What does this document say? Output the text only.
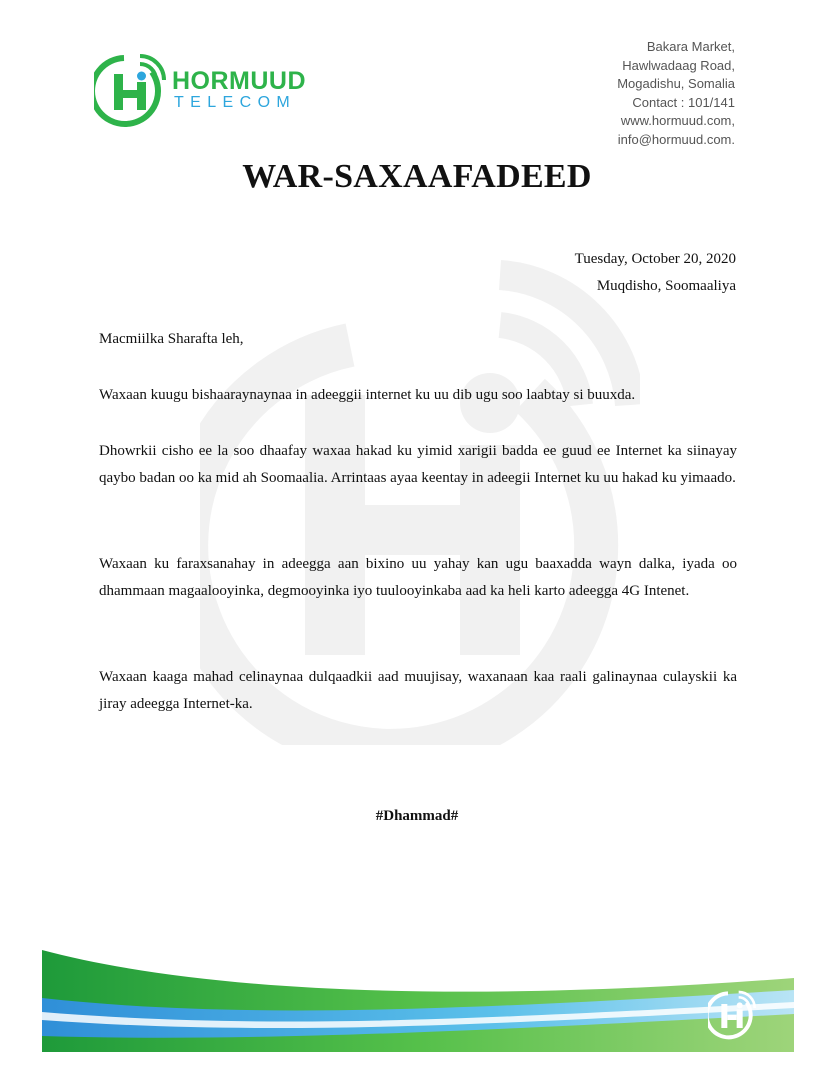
HORMUUD

TELECOM

Bakara Market,
Hawlwadaag Road,
Mogadishu, Somalia
Contact : 101/141
www.hormuud.com,
info@hormuud.com.
WAR-SAXAAFADEED
Tuesday, October 20, 2020
Muqdisho, Soomaaliya

Macmiilka Sharafta leh,

Waxaan kuugu bishaaraynaynaa in adeeggii internet ku uu dib ugu soo laabtay si buuxda.

Dhowrkii cisho ee la soo dhaafay waxaa hakad ku yimid xarigii badda ee guud ee Internet ka siinayay qaybo badan oo ka mid ah Soomaalia. Arrintaas ayaa keentay in adeegii Internet ku uu hakad ku yimaado.

Waxaan ku faraxsanahay in adeegga aan bixino uu yahay kan ugu baaxadda wayn dalka, iyada oo dhammaan magaalooyinka, degmooyinka iyo tuulooyinkaba aad ka heli karto adeegga 4G Intenet.

Waxaan kaaga mahad celinaynaa dulqaadkii aad muujisay, waxanaan kaa raali galinaynaa culayskii ka jiray adeegga Internet-ka.

#Dhammad#
